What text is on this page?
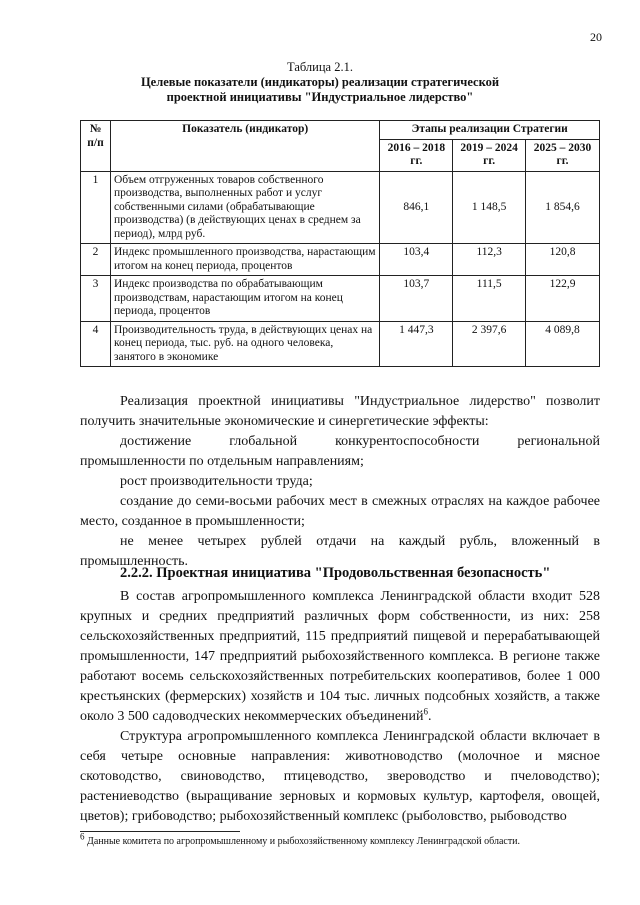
20
Таблица 2.1.
Целевые показатели (индикаторы) реализации стратегической
проектной инициативы "Индустриальное лидерство"
№ п/п	Показатель (индикатор)	Этапы реализации Стратегии		
		2016 – 2018 гг.	2019 – 2024 гг.	2025 – 2030 гг.
1	Объем отгруженных товаров собственного производства, выполненных работ и услуг собственными силами (обрабатывающие производства) (в действующих ценах в среднем за период), млрд руб.	846,1	1 148,5	1 854,6
2	Индекс промышленного производства, нарастающим итогом на конец периода, процентов	103,4	112,3	120,8
3	Индекс производства по обрабатывающим производствам, нарастающим итогом на конец периода, процентов	103,7	111,5	122,9
4	Производительность труда, в действующих ценах на конец периода, тыс. руб. на одного человека, занятого в экономике	1 447,3	2 397,6	4 089,8

Реализация проектной инициативы "Индустриальное лидерство" позволит получить значительные экономические и синергетические эффекты:

достижение глобальной конкурентоспособности региональной промышленности по отдельным направлениям;

рост производительности труда;

создание до семи-восьми рабочих мест в смежных отраслях на каждое рабочее место, созданное в промышленности;

не менее четырех рублей отдачи на каждый рубль, вложенный в промышленность.

2.2.2. Проектная инициатива "Продовольственная безопасность"

В состав агропромышленного комплекса Ленинградской области входит 528 крупных и средних предприятий различных форм собственности, из них: 258 сельскохозяйственных предприятий, 115 предприятий пищевой и перерабатывающей промышленности, 147 предприятий рыбохозяйственного комплекса. В регионе также работают восемь сельскохозяйственных потребительских кооперативов, более 1 000 крестьянских (фермерских) хозяйств и 104 тыс. личных подсобных хозяйств, а также около 3 500 садоводческих некоммерческих объединений$^6$.

Структура агропромышленного комплекса Ленинградской области включает в себя четыре основные направления: животноводство (молочное и мясное скотоводство, свиноводство, птицеводство, звероводство и пчеловодство); растениеводство (выращивание зерновых и кормовых культур, картофеля, овощей, цветов); грибоводство; рыбохозяйственный комплекс (рыболовство, рыбоводство

$^6$ Данные комитета по агропромышленному и рыбохозяйственному комплексу Ленинградской области.
